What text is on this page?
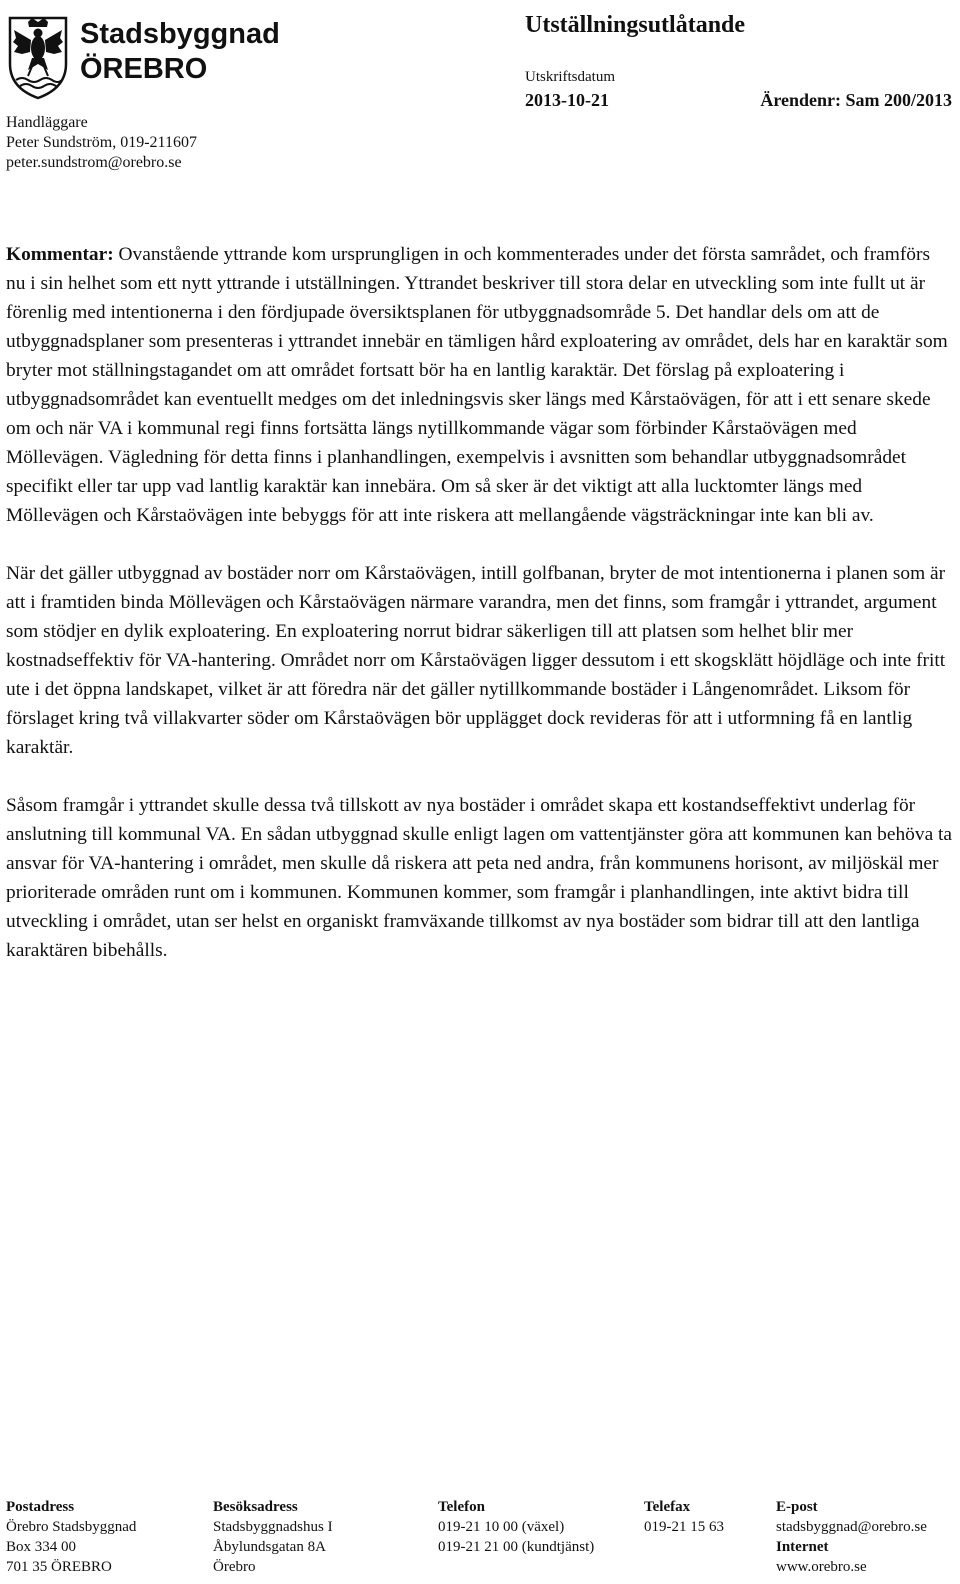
Stadsbyggnad
ÖREBRO
Handläggare
Peter Sundström, 019-211607
peter.sundstrom@orebro.se
Utställningsutlåtande
Utskriftsdatum
2013-10-21	Ärendenr: Sam 200/2013

Kommentar: Ovanstående yttrande kom ursprungligen in och kommenterades under det första samrådet, och framförs nu i sin helhet som ett nytt yttrande i utställningen. Yttrandet beskriver till stora delar en utveckling som inte fullt ut är förenlig med intentionerna i den fördjupade översiktsplanen för utbyggnadsområde 5. Det handlar dels om att de utbyggnadsplaner som presenteras i yttrandet innebär en tämligen hård exploatering av området, dels har en karaktär som bryter mot ställningstagandet om att området fortsatt bör ha en lantlig karaktär. Det förslag på exploatering i utbyggnadsområdet kan eventuellt medges om det inledningsvis sker längs med Kårstaövägen, för att i ett senare skede om och när VA i kommunal regi finns fortsätta längs nytillkommande vägar som förbinder Kårstaövägen med Möllevägen. Vägledning för detta finns i planhandlingen, exempelvis i avsnitten som behandlar utbyggnadsområdet specifikt eller tar upp vad lantlig karaktär kan innebära. Om så sker är det viktigt att alla lucktomter längs med Möllevägen och Kårstaövägen inte bebyggs för att inte riskera att mellangående vägsträckningar inte kan bli av.

När det gäller utbyggnad av bostäder norr om Kårstaövägen, intill golfbanan, bryter de mot intentionerna i planen som är att i framtiden binda Möllevägen och Kårstaövägen närmare varandra, men det finns, som framgår i yttrandet, argument som stödjer en dylik exploatering. En exploatering norrut bidrar säkerligen till att platsen som helhet blir mer kostnadseffektiv för VA-hantering. Området norr om Kårstaövägen ligger dessutom i ett skogsklätt höjdläge och inte fritt ute i det öppna landskapet, vilket är att föredra när det gäller nytillkommande bostäder i Långenområdet. Liksom för förslaget kring två villakvarter söder om Kårstaövägen bör upplägget dock revideras för att i utformning få en lantlig karaktär.

Såsom framgår i yttrandet skulle dessa två tillskott av nya bostäder i området skapa ett kostandseffektivt underlag för anslutning till kommunal VA. En sådan utbyggnad skulle enligt lagen om vattentjänster göra att kommunen kan behöva ta ansvar för VA-hantering i området, men skulle då riskera att peta ned andra, från kommunens horisont, av miljöskäl mer prioriterade områden runt om i kommunen. Kommunen kommer, som framgår i planhandlingen, inte aktivt bidra till utveckling i området, utan ser helst en organiskt framväxande tillkomst av nya bostäder som bidrar till att den lantliga karaktären bibehålls.

Postadress
Örebro Stadsbyggnad
Box 334 00
701 35 ÖREBRO
Besöksadress
Stadsbyggnadshus I
Åbylundsgatan 8A
Örebro
Telefon
019-21 10 00 (växel)
019-21 21 00 (kundtjänst)
Telefax
019-21 15 63
E-post
stadsbyggnad@orebro.se
Internet
www.orebro.se
